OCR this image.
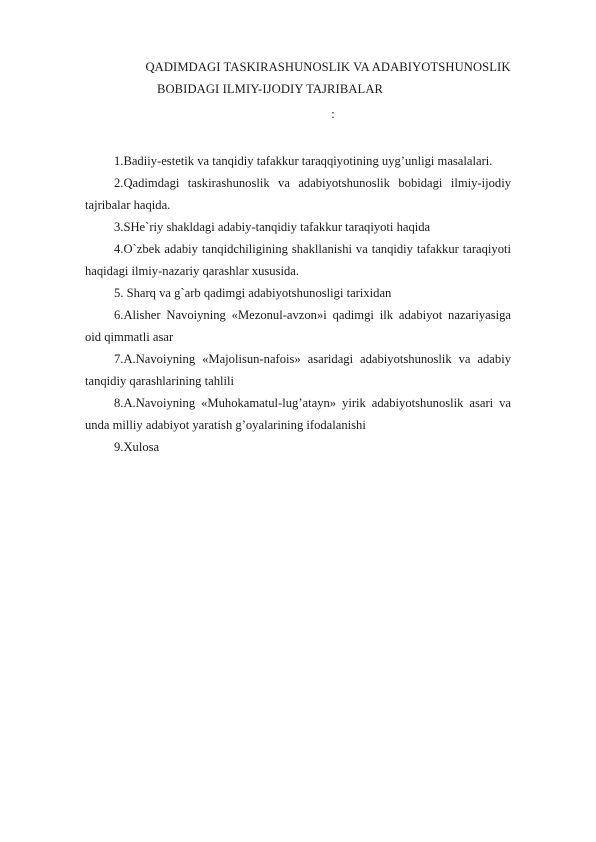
QADIMDAGI TASKIRASHUNOSLIK VA ADABIYOTSHUNOSLIK
BOBIDAGI ILMIY-IJODIY TAJRIBALAR
:
1.Badiiy-estetik va tanqidiy tafakkur taraqqiyotining uyg’unligi masalalari.
2.Qadimdagi taskirashunoslik va adabiyotshunoslik bobidagi ilmiy-ijodiy tajribalar haqida.
3.SHe`riy shakldagi adabiy-tanqidiy tafakkur taraqiyoti haqida
4.O`zbek adabiy tanqidchiligining shakllanishi va tanqidiy tafakkur taraqiyoti haqidagi ilmiy-nazariy qarashlar xususida.
5. Sharq va g`arb qadimgi adabiyotshunosligi tarixidan
6.Alisher Navoiyning «Mezonul-avzon»i qadimgi ilk adabiyot nazariyasiga oid qimmatli asar
7.A.Navoiyning «Majolisun-nafois» asaridagi adabiyotshunoslik va adabiy tanqidiy qarashlarining tahlili
8.A.Navoiyning «Muhokamatul-lug’atayn» yirik adabiyotshunoslik asari va unda milliy adabiyot yaratish g’oyalarining ifodalanishi
9.Xulosa
